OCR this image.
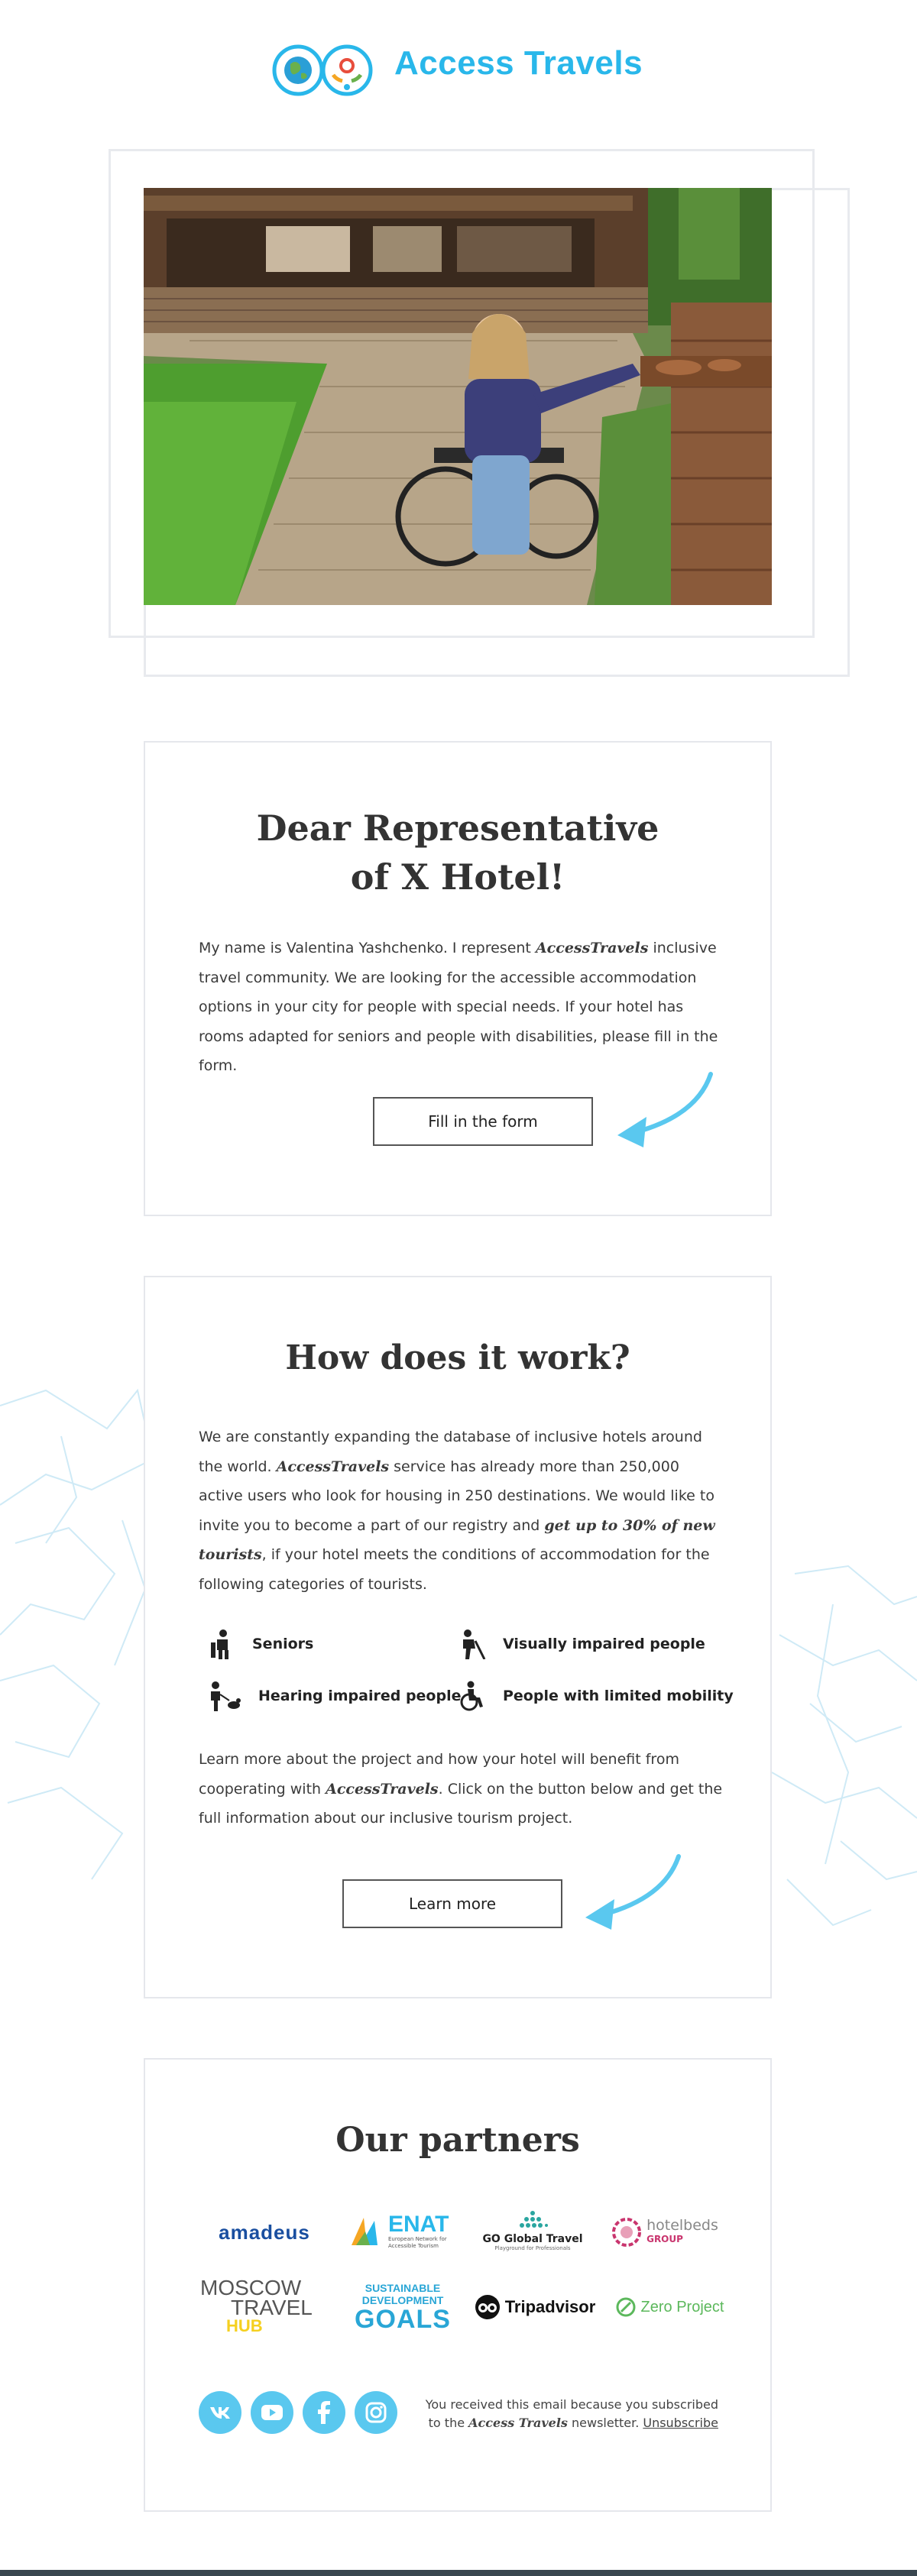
Access Travels
Dear Representative
of X Hotel!

My name is Valentina Yashchenko. I represent AccessTravels inclusive travel community. We are looking for the accessible accommodation options in your city for people with special needs. If your hotel has rooms adapted for seniors and people with disabilities, please fill in the form.

Fill in the form
How does it work?

We are constantly expanding the database of inclusive hotels around the world. AccessTravels service has already more than 250,000 active users who look for housing in 250 destinations. We would like to invite you to become a part of our registry and get up to 30% of new tourists, if your hotel meets the conditions of accommodation for the following categories of tourists.

Seniors	Visually impaired people
Hearing impaired people	People with limited mobility

Learn more about the project and how your hotel will benefit from cooperating with AccessTravels. Click on the button below and get the full information about our inclusive tourism project.

Learn more
Our partners
amadeus	ENAT
European Network for Accessible Tourism
GO Global Travel
Playground for Professionals
hotelbeds
GROUP
MOSCOW
TRAVEL
HUB
SUSTAINABLE
DEVELOPMENT
GOALS	Tripadvisor	Zero Project
You received this email because you subscribed
to the Access Travels newsletter. Unsubscribe
